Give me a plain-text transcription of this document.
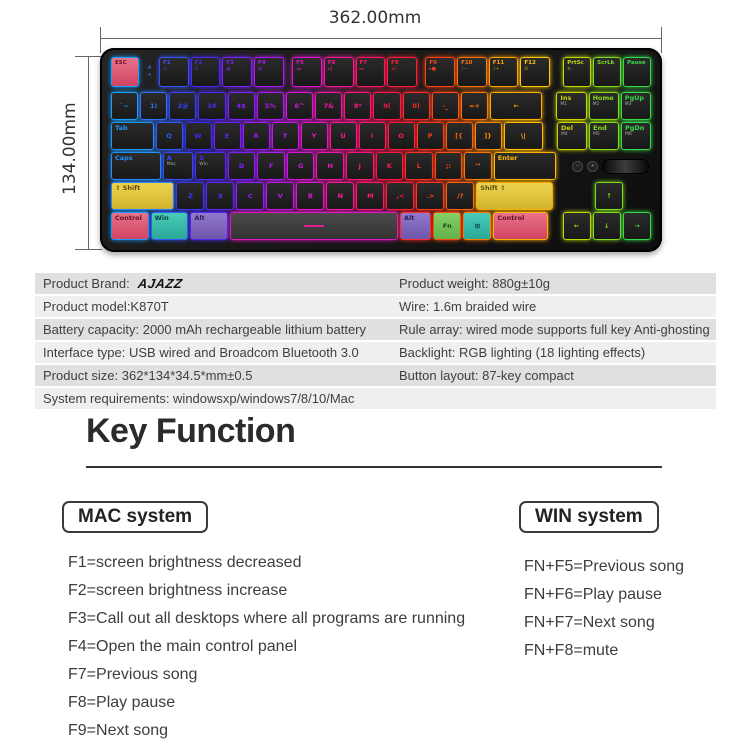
362.00mm
134.00mm
ESC
·A
·+
F1
⊙
F2
⊕
F3
▣
F4
▤
F5
◂◂
F6
▸‖
F7
▸▸
F8
◂∅
F9
▸■
F10
♪−
F11
♪+
F12
∅
PrtSc
↻
ScrLk	Pause
`~	1!	2@	3#	4$	5%	6^	7&	8*	9(	0)	-_	=+	←
Ins
M1
Home
M2
PgUp
M3
Tab
Q	W	E	R	T	Y	U	I	O	P	[{	]}	\|
Del
M4
End
M5
PgDn
M6
Caps	A
Mac
S
Win	D	F	G	H	J	K	L	;:	'"
Enter
−	+
⇧ Shift
Z	X	C	V	B	N	M	,<	.>	/?
Shift ⇧
↑
Control	Win	Alt	Alt
Fn	⊞
Control
←	↓	→
Product Brand: AJAZZ	Product weight: 880g±10g
Product model:K870T	Wire: 1.6m braided wire
Battery capacity: 2000 mAh rechargeable lithium battery	Rule array: wired mode supports full key Anti-ghosting
Interface type: USB wired and Broadcom Bluetooth 3.0	Backlight: RGB lighting (18 lighting effects)
Product size: 362*134*34.5*mm±0.5	Button layout: 87-key compact
System requirements: windowsxp/windows7/8/10/Mac
Key Function
MAC system	WIN system
F1=screen brightness decreased
F2=screen brightness increase
F3=Call out all desktops where all programs are running
F4=Open the main control panel
F7=Previous song
F8=Play pause
F9=Next song
FN+F5=Previous song
FN+F6=Play pause
FN+F7=Next song
FN+F8=mute
